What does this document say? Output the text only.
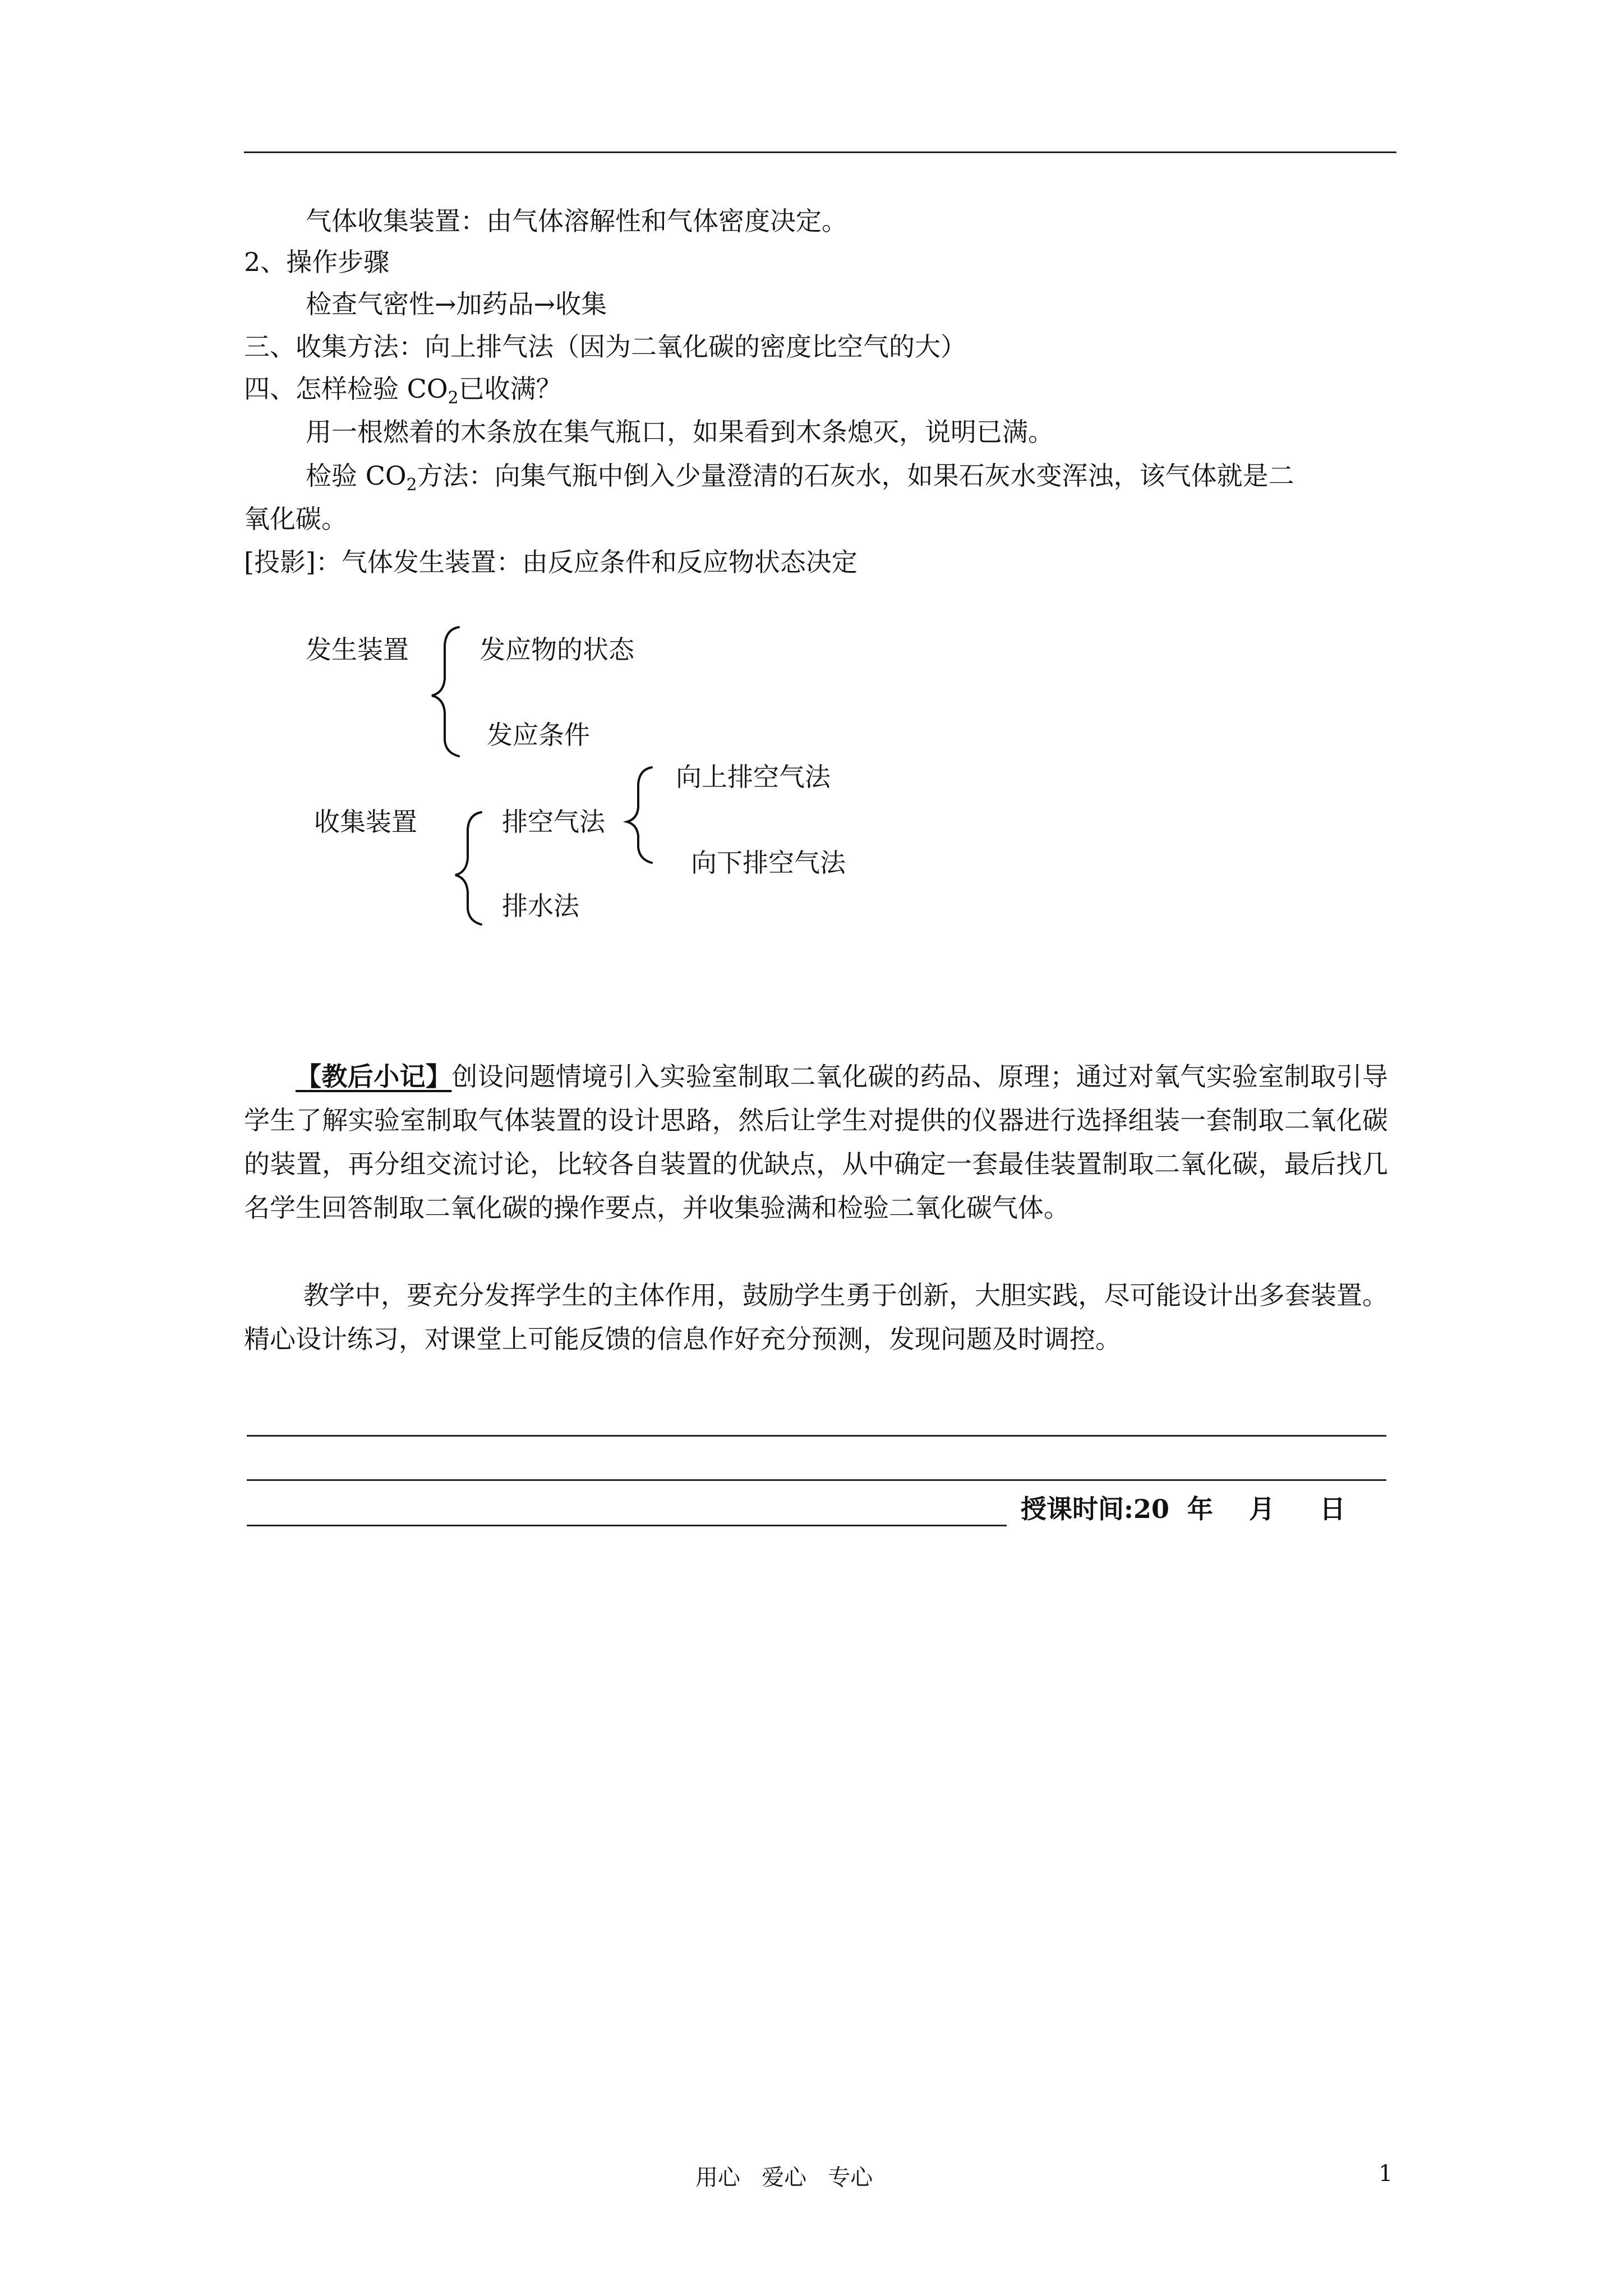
气体收集装置：由气体溶解性和气体密度决定。
2、操作步骤
检查气密性→加药品→收集
三、收集方法：向上排气法（因为二氧化碳的密度比空气的大）
四、怎样检验 $CO_2$已收满？
用一根燃着的木条放在集气瓶口，如果看到木条熄灭，说明已满。
检验 $CO_2$方法：向集气瓶中倒入少量澄清的石灰水，如果石灰水变浑浊，该气体就是二
氧化碳。
[投影]：气体发生装置：由反应条件和反应物状态决定
发生装置	发应物的状态
发应条件
向上排空气法
收集装置	排空气法
向下排空气法
排水法
【教后小记】创设问题情境引入实验室制取二氧化碳的药品、原理；通过对氧气实验室制取引导学生了解实验室制取气体装置的设计思路，然后让学生对提供的仪器进行选择组装一套制取二氧化碳的装置，再分组交流讨论，比较各自装置的优缺点，从中确定一套最佳装置制取二氧化碳，最后找几名学生回答制取二氧化碳的操作要点，并收集验满和检验二氧化碳气体。
教学中，要充分发挥学生的主体作用，鼓励学生勇于创新，大胆实践，尽可能设计出多套装置。精心设计练习，对课堂上可能反馈的信息作好充分预测，发现问题及时调控。
授课时间:20  年    月     日
用心   爱心   专心	1
